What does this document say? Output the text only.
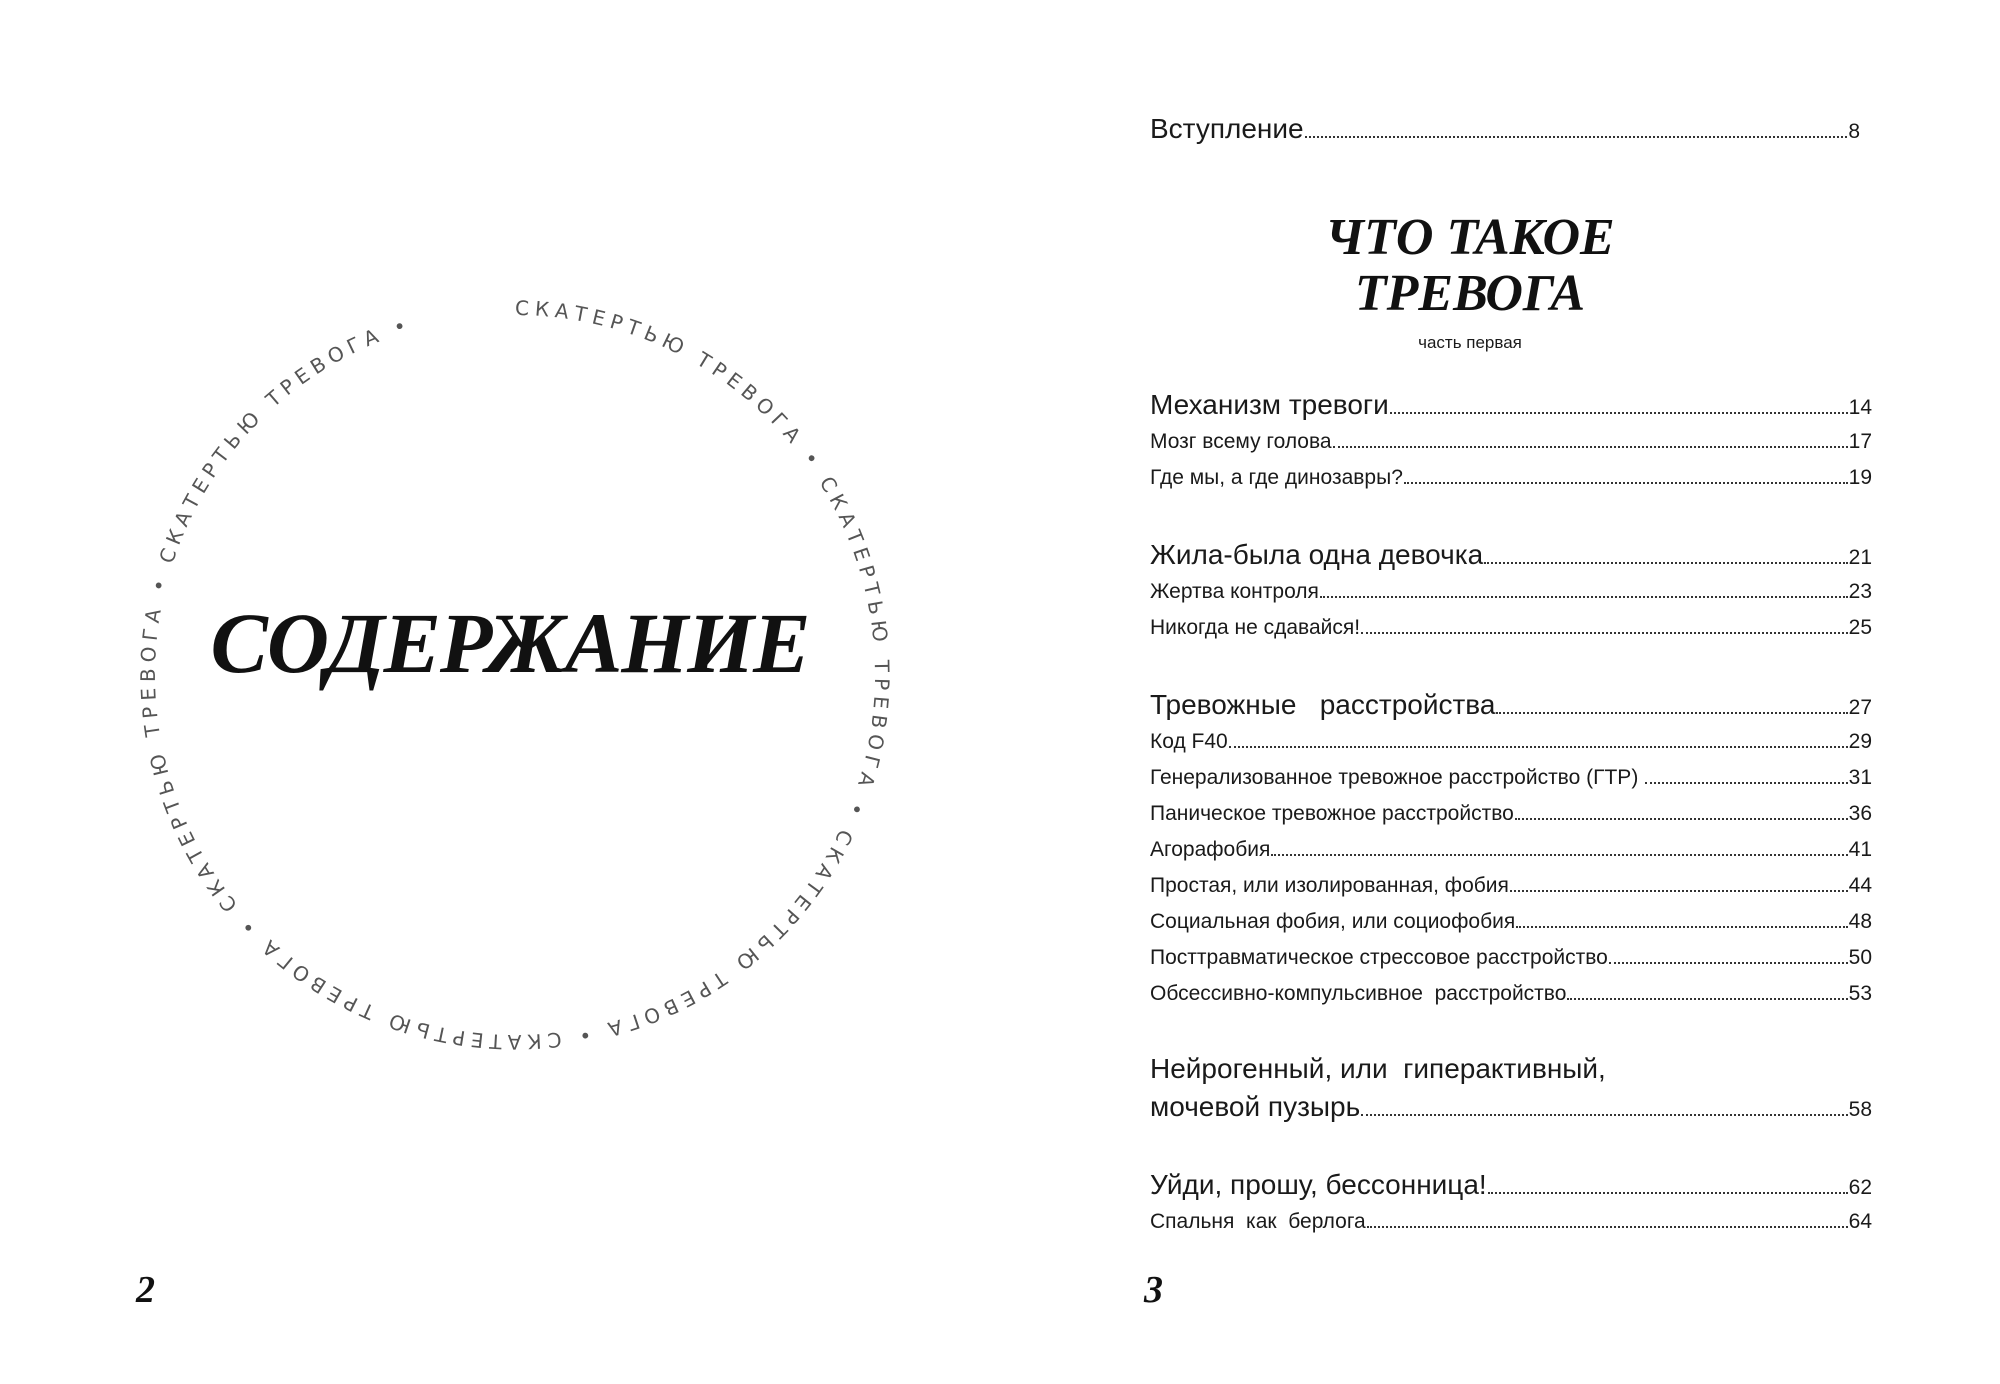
СКАТЕРТЬЮ ТРЕВОГА • СКАТЕРТЬЮ ТРЕВОГА • СКАТЕРТЬЮ ТРЕВОГА • СКАТЕРТЬЮ ТРЕВОГА • СКАТЕРТЬЮ ТРЕВОГА • СКАТЕРТЬЮ ТРЕВОГА •
СОДЕРЖАНИЕ

2

Вступление	8
ЧТО ТАКОЕ
ТРЕВОГА

часть первая

Механизм тревоги	14
Мозг всему голова	17
Где мы, а где динозавры?	19
Жила-была одна девочка	21
Жертва контроля	23
Никогда не сдавайся!	25
Тревожные   расстройства	27
Код F40	29
Генерализованное тревожное расстройство (ГТР)	31
Паническое тревожное расстройство	36
Агорафобия	41
Простая, или изолированная, фобия	44
Социальная фобия, или социофобия	48
Посттравматическое стрессовое расстройство	50
Обсессивно-компульсивное  расстройство	53

Нейрогенный, или  гиперактивный,

мочевой пузырь	58
Уйди, прошу, бессонница!	62
Спальня  как  берлога	64

3
